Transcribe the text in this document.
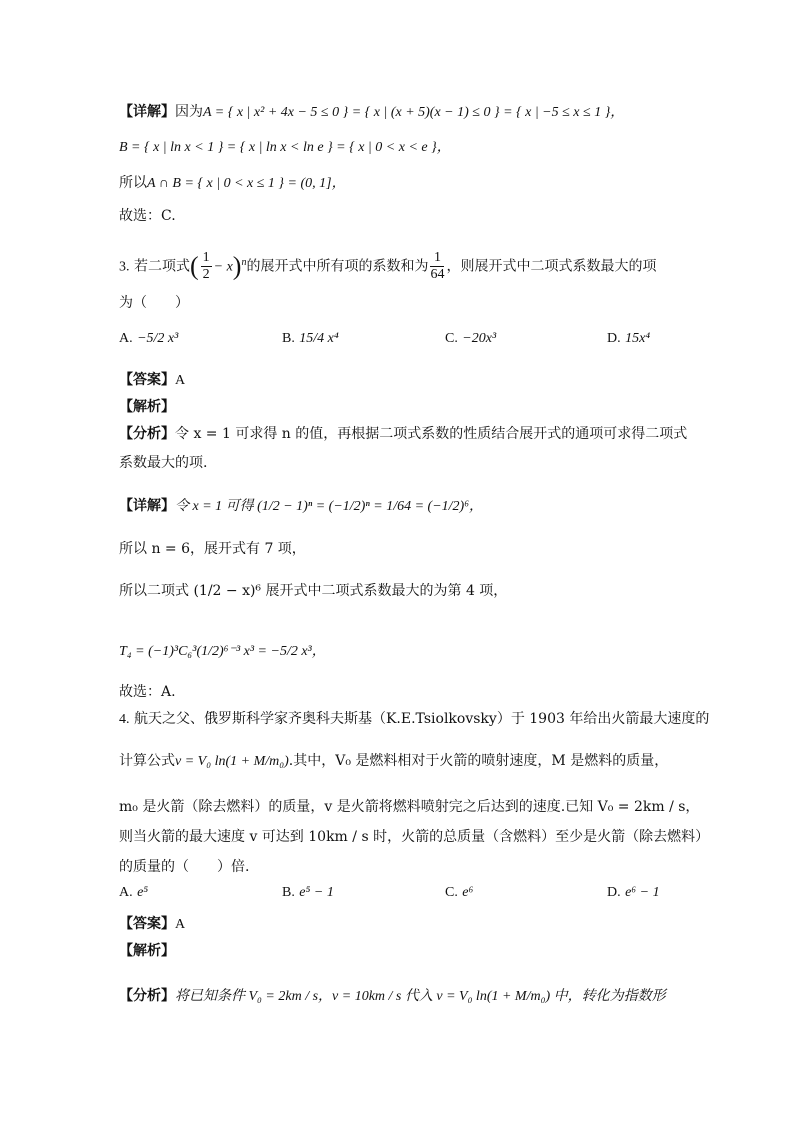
【详解】因为A = { x | x² + 4x − 5 ≤ 0 } = { x | (x + 5)(x − 1) ≤ 0 } = { x | −5 ≤ x ≤ 1 }，
B = { x | ln x < 1 } = { x | ln x < ln e } = { x | 0 < x < e }，
所以A ∩ B = { x | 0 < x ≤ 1 } = (0, 1]，
故选：C.
3. 若二项式( $\frac{1}{2} - x)^n$的展开式中所有项的系数和为 $\frac{1}{64}$ ，则展开式中二项式系数最大的项
为（　　）
A. −5/2 x³	B. 15/4 x⁴	C. −20x³	D. 15x⁴
【答案】A
【解析】
【分析】令 x = 1 可求得 n 的值，再根据二项式系数的性质结合展开式的通项可求得二项式
系数最大的项.
【详解】令 x = 1 可得 (1/2 − 1)ⁿ = (−1/2)ⁿ = 1/64 = (−1/2)⁶，
所以 n = 6，展开式有 7 项，
所以二项式 (1/2 − x)⁶ 展开式中二项式系数最大的为第 4 项，
T₄ = (−1)³C₆³(1/2)⁶⁻³ x³ = −5/2 x³，
故选：A.
4. 航天之父、俄罗斯科学家齐奥科夫斯基（K.E.Tsiolkovsky）于 1903 年给出火箭最大速度的
计算公式v = V₀ ln(1 + M/m₀).其中，V₀ 是燃料相对于火箭的喷射速度，M 是燃料的质量，
m₀ 是火箭（除去燃料）的质量，v 是火箭将燃料喷射完之后达到的速度.已知 V₀ = 2km / s，
则当火箭的最大速度 v 可达到 10km / s 时，火箭的总质量（含燃料）至少是火箭（除去燃料）
的质量的（　　）倍.
A. e⁵	B. e⁵ − 1	C. e⁶	D. e⁶ − 1
【答案】A
【解析】
【分析】将已知条件 V₀ = 2km / s，v = 10km / s 代入 v = V₀ ln(1 + M/m₀) 中，转化为指数形
